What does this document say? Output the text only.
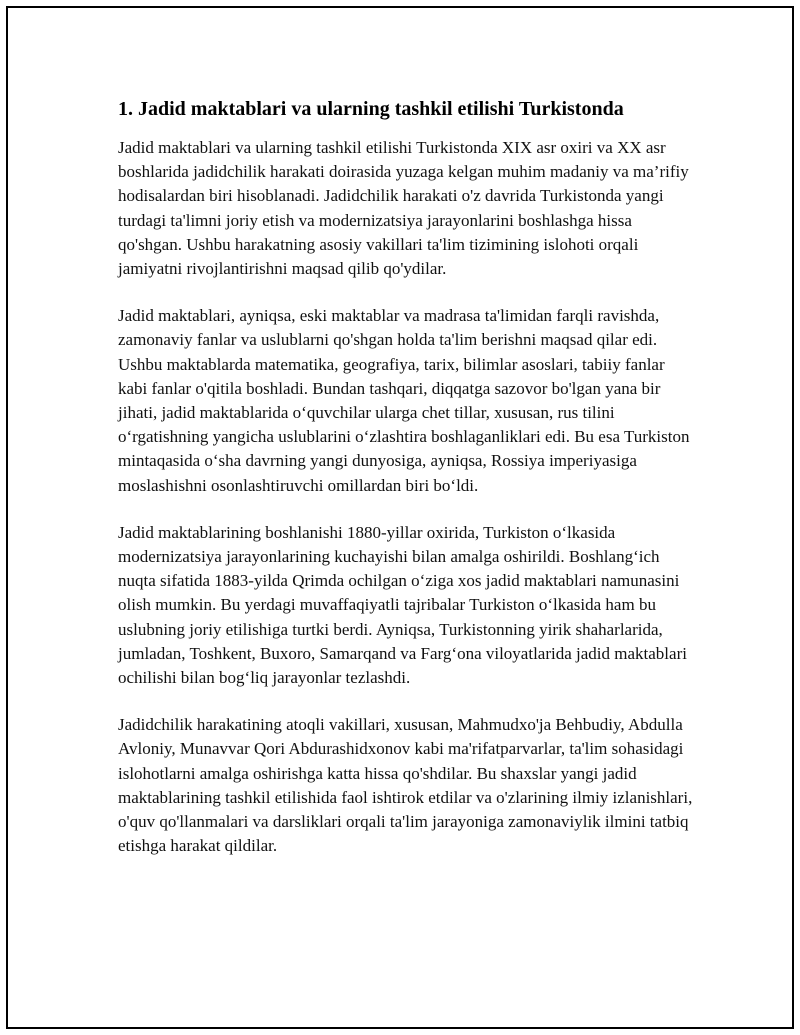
1. Jadid maktablari va ularning tashkil etilishi Turkistonda

Jadid maktablari va ularning tashkil etilishi Turkistonda XIX asr oxiri va XX asr boshlarida jadidchilik harakati doirasida yuzaga kelgan muhim madaniy va ma’rifiy hodisalardan biri hisoblanadi. Jadidchilik harakati o'z davrida Turkistonda yangi turdagi ta'limni joriy etish va modernizatsiya jarayonlarini boshlashga hissa qo'shgan. Ushbu harakatning asosiy vakillari ta'lim tizimining islohoti orqali jamiyatni rivojlantirishni maqsad qilib qo'ydilar.

Jadid maktablari, ayniqsa, eski maktablar va madrasa ta'limidan farqli ravishda, zamonaviy fanlar va uslublarni qo'shgan holda ta'lim berishni maqsad qilar edi. Ushbu maktablarda matematika, geografiya, tarix, bilimlar asoslari, tabiiy fanlar kabi fanlar o'qitila boshladi. Bundan tashqari, diqqatga sazovor bo'lgan yana bir jihati, jadid maktablarida o‘quvchilar ularga chet tillar, xususan, rus tilini o‘rgatishning yangicha uslublarini o‘zlashtira boshlaganliklari edi. Bu esa Turkiston mintaqasida o‘sha davrning yangi dunyosiga, ayniqsa, Rossiya imperiyasiga moslashishni osonlashtiruvchi omillardan biri bo‘ldi.

Jadid maktablarining boshlanishi 1880-yillar oxirida, Turkiston o‘lkasida modernizatsiya jarayonlarining kuchayishi bilan amalga oshirildi. Boshlang‘ich nuqta sifatida 1883-yilda Qrimda ochilgan o‘ziga xos jadid maktablari namunasini olish mumkin. Bu yerdagi muvaffaqiyatli tajribalar Turkiston o‘lkasida ham bu uslubning joriy etilishiga turtki berdi. Ayniqsa, Turkistonning yirik shaharlarida, jumladan, Toshkent, Buxoro, Samarqand va Farg‘ona viloyatlarida jadid maktablari ochilishi bilan bog‘liq jarayonlar tezlashdi.

Jadidchilik harakatining atoqli vakillari, xususan, Mahmudxo'ja Behbudiy, Abdulla Avloniy, Munavvar Qori Abdurashidxonov kabi ma'rifatparvarlar, ta'lim sohasidagi islohotlarni amalga oshirishga katta hissa qo'shdilar. Bu shaxslar yangi jadid maktablarining tashkil etilishida faol ishtirok etdilar va o'zlarining ilmiy izlanishlari, o'quv qo'llanmalari va darsliklari orqali ta'lim jarayoniga zamonaviylik ilmini tatbiq etishga harakat qildilar.
